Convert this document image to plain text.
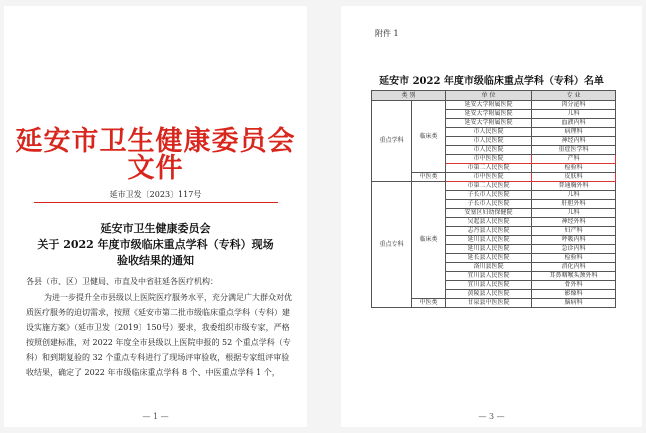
延安市卫生健康委员会文件
延市卫发〔2023〕117号
延安市卫生健康委员会
关于 2022 年度市级临床重点学科（专科）现场
验收结果的通知
各县（市、区）卫健局、市直及中省驻延各医疗机构：
为进一步提升全市县级以上医院医疗服务水平，充分满足广大群众对优质医疗服务的迫切需求，按照《延安市第二批市级临床重点学科（专科）建设实施方案》（延市卫发〔2019〕150号）要求，我委组织市级专家，严格按照创建标准，对 2022 年度全市县级以上医院申报的 52 个重点学科（专科）和到期复验的 32 个重点专科进行了现场评审验收，根据专家组评审验收结果，确定了 2022 年市级临床重点学科 8 个、中医重点学科 1 个，
— 1 —
附件 1
延安市 2022 年度市级临床重点学科（专科）名单
类 别		单 位	专 业
重点学科	临床类	延安大学附属医院	肉分泌科
		延安大学附属医院	儿科
		延安大学附属医院	血液内科
		市人民医院	病理科
		市人民医院	神经内科
		市人民医院	重症医学科
		市中医医院	产科
		市第二人民医院	检验科
	中医类	市中医医院	皮肤科
重点专科	临床类	市第二人民医院	普通胸外科
		子长市人民医院	儿科
		子长市人民医院	肝胆外科
		安塞区妇幼保健院	儿科
		吴起县人民医院	神经外科
		志丹县人民医院	妇产科
		延川县人民医院	呼吸内科
		延川县人民医院	急诊内科
		延长县人民医院	检验科
		洛川县医院	消化内科
		宜川县人民医院	耳鼻咽喉头颈外科
		宜川县人民医院	骨外科
		黄陵县人民医院	影像科
	中医类	甘泉县中医医院	脑病科
— 3 —
